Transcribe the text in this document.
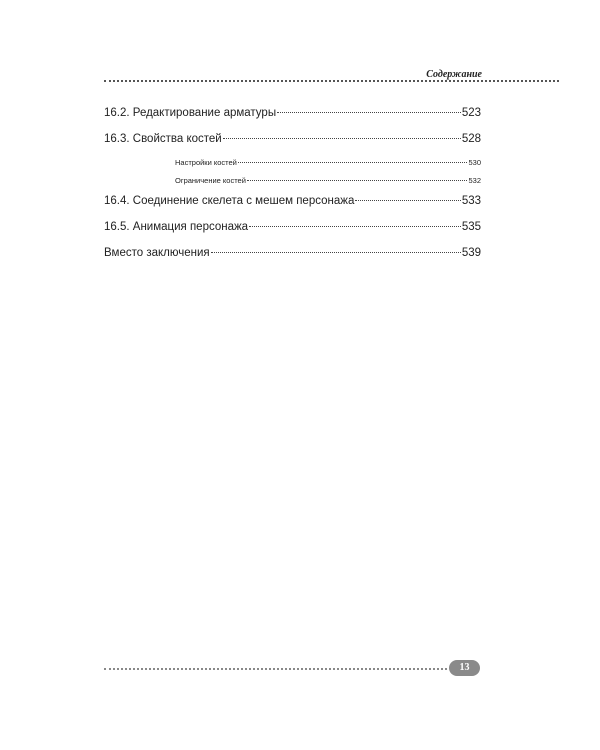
Содержание
16.2. Редактирование арматуры	523
16.3. Свойства костей	528
Настройки костей	530
Ограничение костей	532
16.4. Соединение скелета с мешем персонажа	533
16.5. Анимация персонажа	535
Вместо заключения	539
13
